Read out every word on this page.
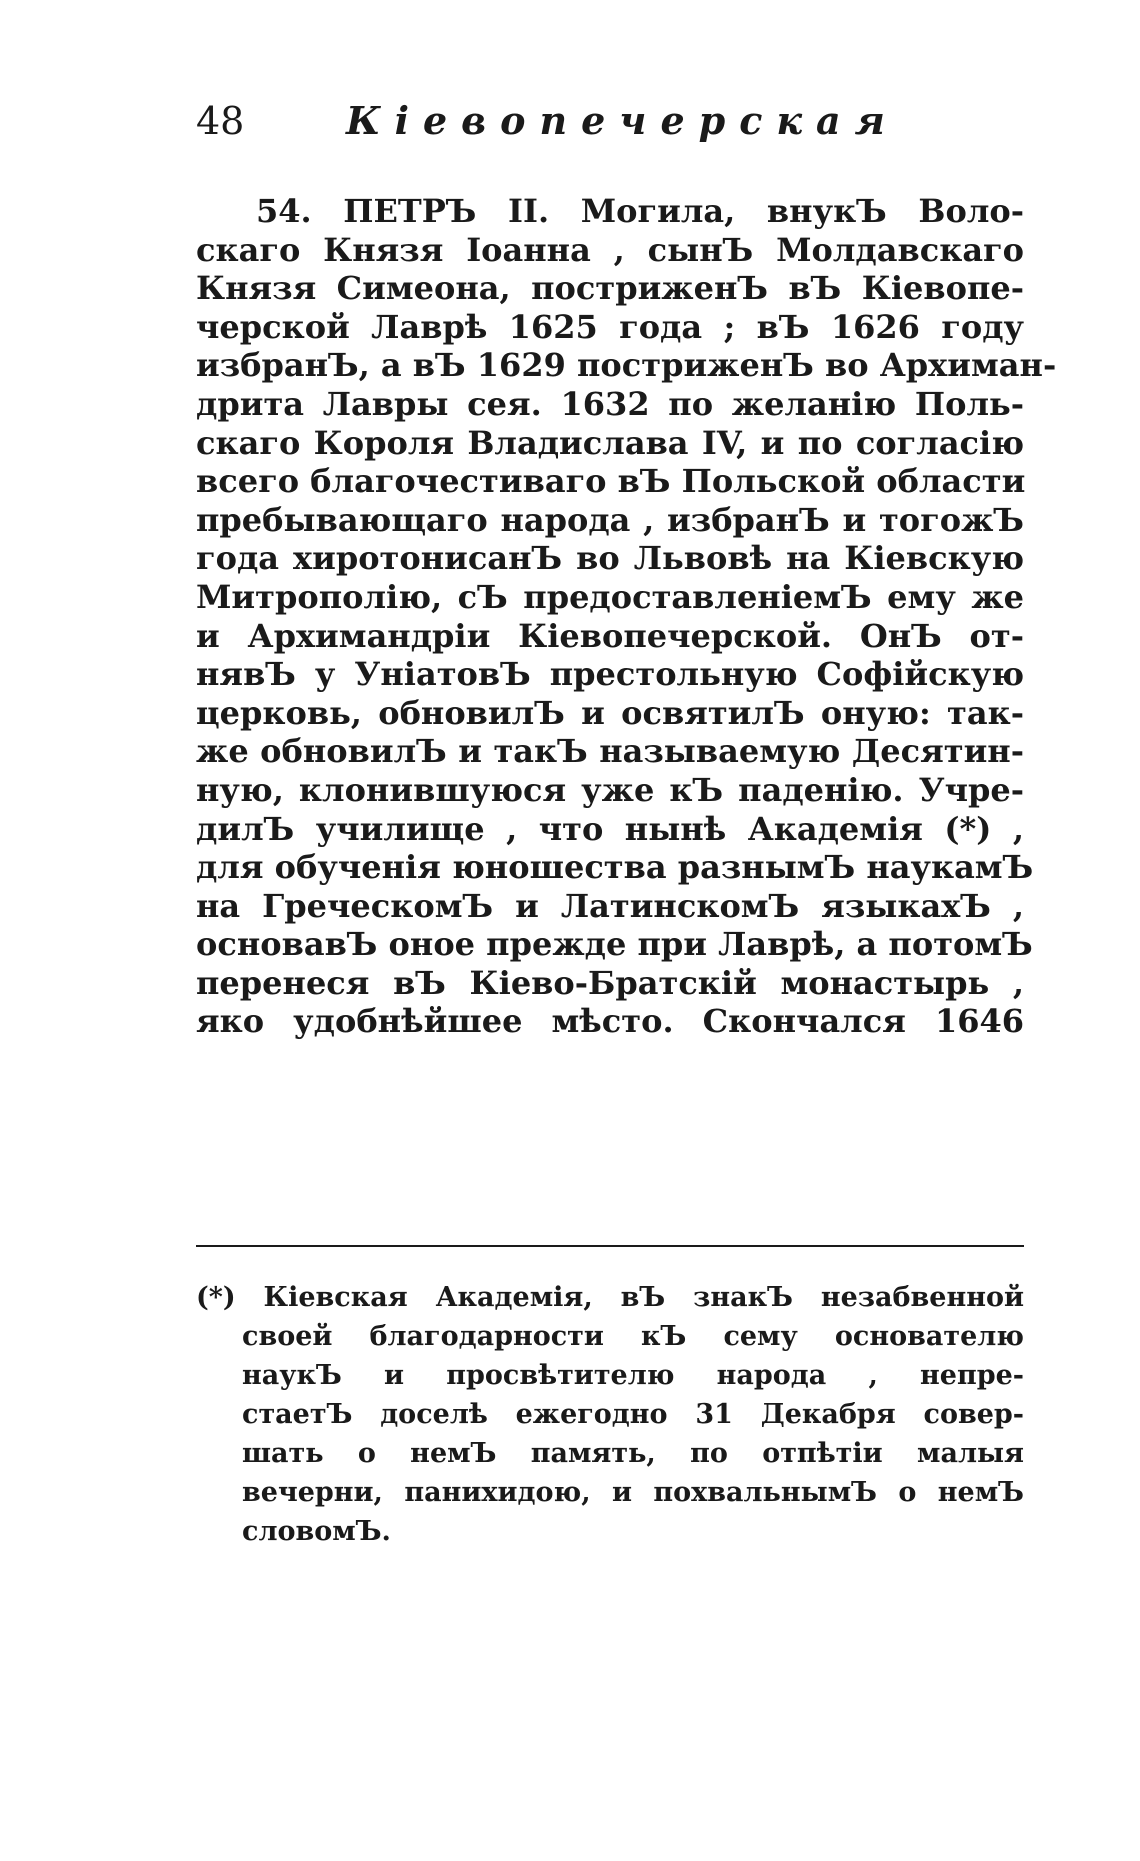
48	Кіевопечерская
54. ПЕТРЪ II. Могила, внукЪ Воло-
скаго Князя Іоанна , сынЪ Молдавскаго
Князя Симеона, постриженЪ вЪ Кіевопе-
черской Лаврѣ 1625 года ; вЪ 1626 году
избранЪ, а вЪ 1629 постриженЪ во Архиман-
дрита Лавры сея. 1632 по желанію Поль-
скаго Короля Владислава IV, и по согласію
всего благочестиваго вЪ Польской области
пребывающаго народа , избранЪ и тогожЪ
года хиротонисанЪ во Львовѣ на Кіевскую
Митрополію, сЪ предоставленіемЪ ему же
и Архимандріи Кіевопечерской. ОнЪ от-
нявЪ у УніатовЪ престольную Софійскую
церковь, обновилЪ и освятилЪ оную: так-
же обновилЪ и такЪ называемую Десятин-
ную, клонившуюся уже кЪ паденію. Учре-
дилЪ училище , что нынѣ Академія (*) ,
для обученія юношества разнымЪ наукамЪ
на ГреческомЪ и ЛатинскомЪ языкахЪ ,
основавЪ оное прежде при Лаврѣ, а потомЪ
перенеся вЪ Кіево-Братскій монастырь ,
яко удобнѣйшее мѣсто. Скончался 1646
(*) Кіевская Академія, вЪ знакЪ незабвенной
своей благодарности кЪ сему основателю
наукЪ и просвѣтителю народа , непре-
стаетЪ доселѣ ежегодно 31 Декабря совер-
шать о немЪ память, по отпѣтіи малыя
вечерни, панихидою, и похвальнымЪ о немЪ
словомЪ.
